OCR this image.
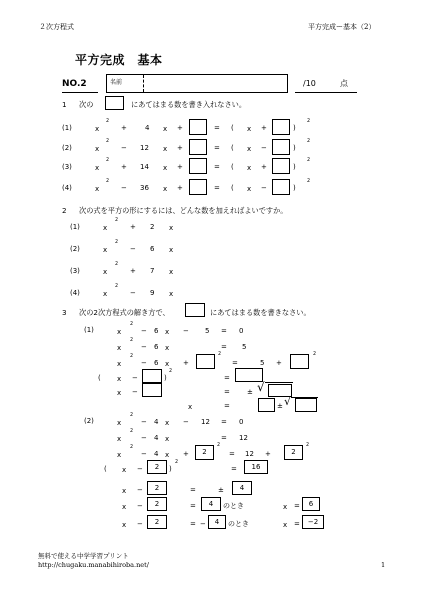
２次方程式	平方完成ー基本（2）
平方完成　基本
NO.2	名前	/10	点
1 次の	にあてはまる数を書き入れなさい。
(1)	x
2
+	4 x +	= ( x +	)
2
(2)	x
2
− 12 x +	= ( x −	)
2
(3)	x
2
+ 14 x +	= ( x +	)
2
(4)	x
2
− 36 x +	= ( x −	)
2
2 次の式を平方の形にするには、どんな数を加えればよいですか。
(1)	x
2
+ 2 x
(2)	x
2
− 6 x
(3)	x
2
+ 7 x
(4)	x
2
− 9 x
3 次の2次方程式の解き方で、	にあてはまる数を書きなさい。
(1)	x
2
− 6 x − 5 = 0
x
2
− 6 x	= 5
x
2
− 6 x +
2
=	5 +
2
( x −	)
2
=
x −	= ± √
x	=	± √
(2)	x
2
− 4 x − 12 = 0
x
2
− 4 x	= 12
x
2
− 4 x +	2
2
= 12 +	2
2
( x −	2	)
2
=	16
x −	2	=	±	4
x −	2	=	4	のとき	x =	6
x −	2	= −	4	のとき	x =	−2
無料で使える中学学習プリント
http://chugaku.manabihiroba.net/	1
